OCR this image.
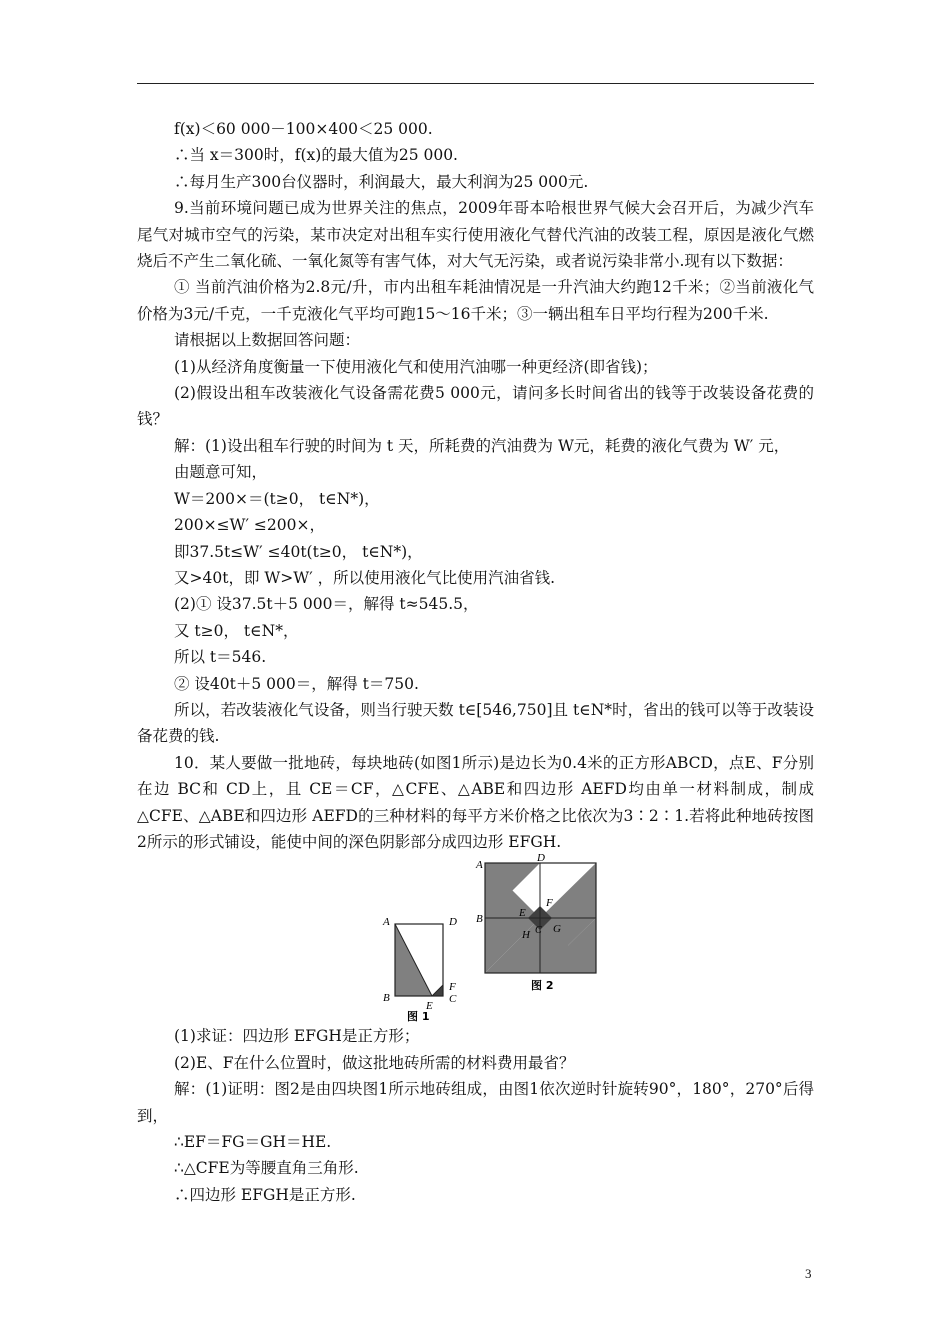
f(x)＜60 000－100×400＜25 000.
∴当 x＝300时，f(x)的最大值为25 000.
∴每月生产300台仪器时，利润最大，最大利润为25 000元.
9.当前环境问题已成为世界关注的焦点，2009年哥本哈根世界气候大会召开后，为减少汽车尾气对城市空气的污染，某市决定对出租车实行使用液化气替代汽油的改装工程，原因是液化气燃烧后不产生二氧化硫、一氧化氮等有害气体，对大气无污染，或者说污染非常小.现有以下数据：
① 当前汽油价格为2.8元/升，市内出租车耗油情况是一升汽油大约跑12千米；②当前液化气价格为3元/千克，一千克液化气平均可跑15～16千米；③一辆出租车日平均行程为200千米.
请根据以上数据回答问题：
(1)从经济角度衡量一下使用液化气和使用汽油哪一种更经济(即省钱)；
(2)假设出租车改装液化气设备需花费5 000元，请问多长时间省出的钱等于改装设备花费的钱？
解：(1)设出租车行驶的时间为 t 天，所耗费的汽油费为 W元，耗费的液化气费为 W′ 元，
由题意可知，
W＝200×＝(t≥0， t∈N*)，
200×≤W′ ≤200×，
即37.5t≤W′ ≤40t(t≥0， t∈N*)，
又>40t，即 W>W′ ，所以使用液化气比使用汽油省钱.
(2)① 设37.5t＋5 000＝，解得 t≈545.5，
又 t≥0， t∈N*，
所以 t＝546.
② 设40t＋5 000＝，解得 t＝750.
所以，若改装液化气设备，则当行驶天数 t∈[546,750]且 t∈N*时，省出的钱可以等于改装设备花费的钱.
10．某人要做一批地砖，每块地砖(如图1所示)是边长为0.4米的正方形ABCD，点E、F分别在边 BC和 CD上，且 CE＝CF，△CFE、△ABE和四边形 AEFD均由单一材料制成，制成△CFE、△ABE和四边形 AEFD的三种材料的每平方米价格之比依次为3∶2∶1.若将此种地砖按图2所示的形式铺设，能使中间的深色阴影部分成四边形 EFGH.
A	D
B	C
E
F
图 1
A
D
B
C
E
F
G
H
图 2
(1)求证：四边形 EFGH是正方形；
(2)E、F在什么位置时，做这批地砖所需的材料费用最省？
解：(1)证明：图2是由四块图1所示地砖组成，由图1依次逆时针旋转90°，180°，270°后得到，
∴EF＝FG＝GH＝HE.
∴△CFE为等腰直角三角形.
∴四边形 EFGH是正方形.
3
